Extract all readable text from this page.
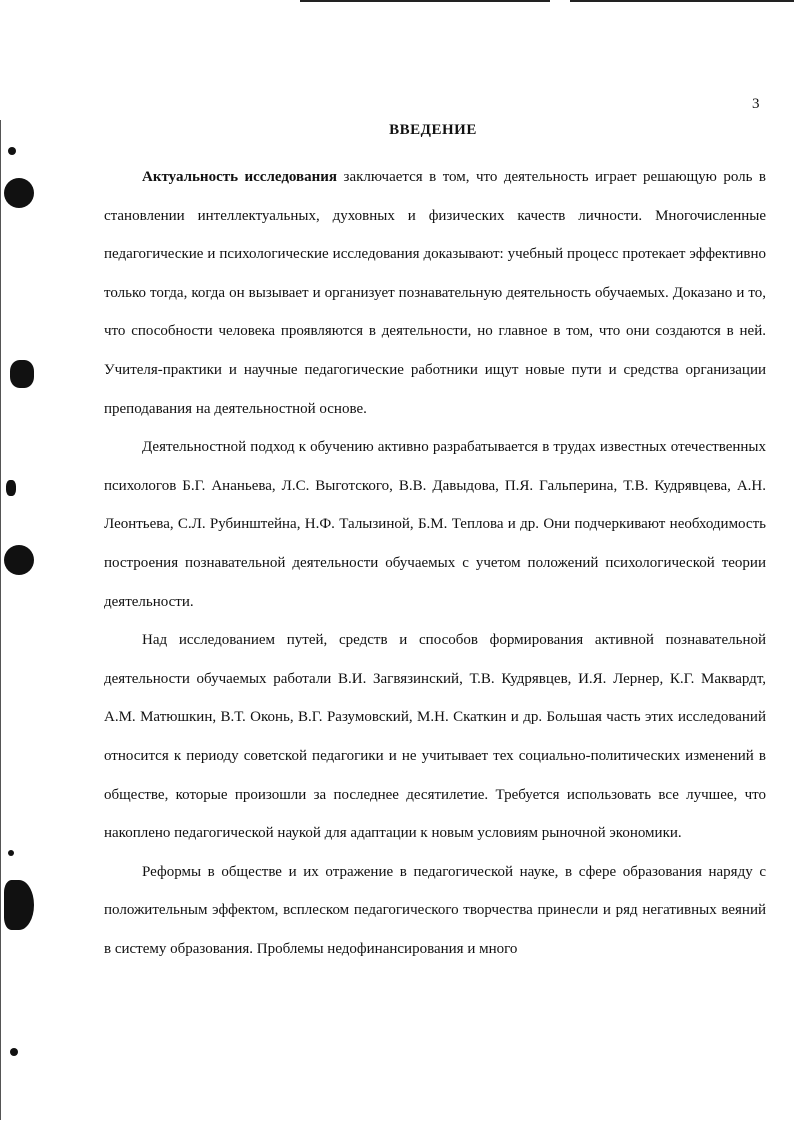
3
ВВЕДЕНИЕ

Актуальность исследования заключается в том, что деятельность играет решающую роль в становлении интеллектуальных, духовных и физических качеств личности. Многочисленные педагогические и психологические исследования доказывают: учебный процесс протекает эффективно только тогда, когда он вызывает и организует познавательную деятельность обучаемых. Доказано и то, что способности человека проявляются в деятельности, но главное в том, что они создаются в ней. Учителя-практики и научные педагогические работники ищут новые пути и средства организации преподавания на деятельностной основе.

Деятельностной подход к обучению активно разрабатывается в трудах известных отечественных психологов Б.Г. Ананьева, Л.С. Выготского, В.В. Давыдова, П.Я. Гальперина, Т.В. Кудрявцева, А.Н. Леонтьева, С.Л. Рубинштейна, Н.Ф. Талызиной, Б.М. Теплова и др. Они подчеркивают необходимость построения познавательной деятельности обучаемых с учетом положений психологической теории деятельности.

Над исследованием путей, средств и способов формирования активной познавательной деятельности обучаемых работали В.И. Загвязинский, Т.В. Кудрявцев, И.Я. Лернер, К.Г. Маквардт, А.М. Матюшкин, В.Т. Оконь, В.Г. Разумовский, М.Н. Скаткин и др. Большая часть этих исследований относится к периоду советской педагогики и не учитывает тех социально-политических изменений в обществе, которые произошли за последнее десятилетие. Требуется использовать все лучшее, что накоплено педагогической наукой для адаптации к новым условиям рыночной экономики.

Реформы в обществе и их отражение в педагогической науке, в сфере образования наряду с положительным эффектом, всплеском педагогического творчества принесли и ряд негативных веяний в систему образования. Проблемы недофинансирования и много
